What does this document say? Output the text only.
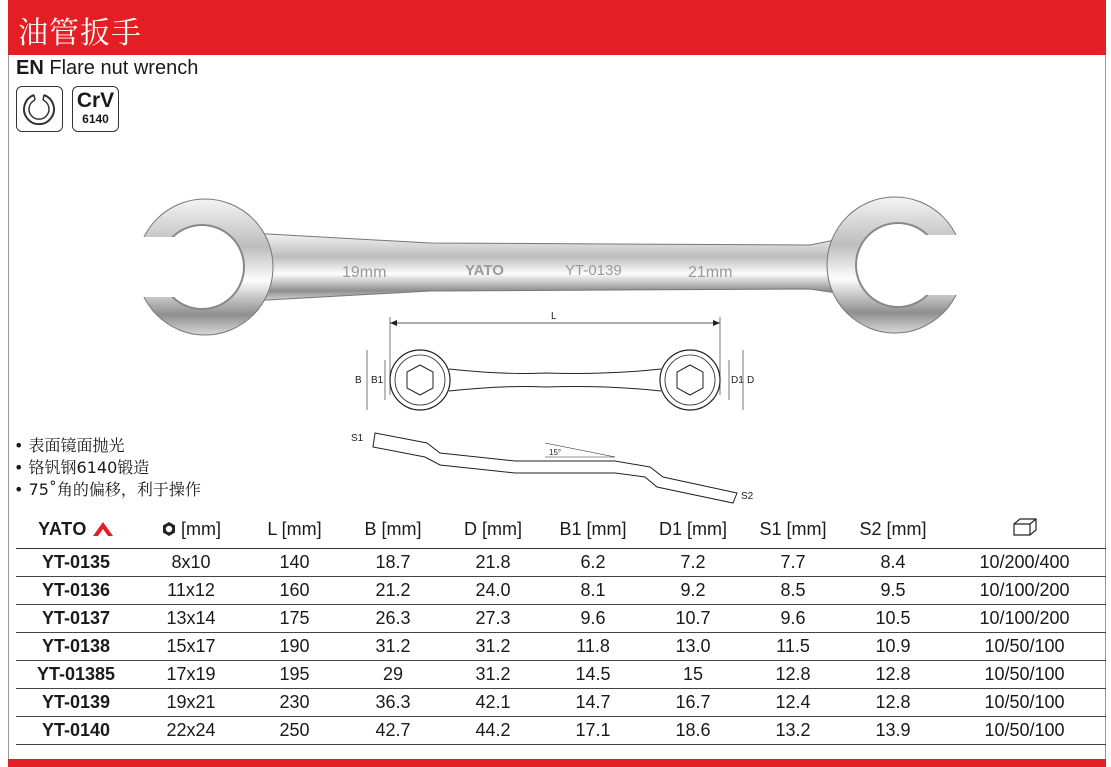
油管扳手
EN Flare nut wrench
CrV
6140
19mm	YATO	YT-0139	21mm
L
B B1	D1 D
S1
15°
S2
• 表面镜面抛光
• 铬钒钢6140锻造
• 75˚角的偏移，利于操作
YATO	[mm]	L [mm]	B [mm]	D [mm]	B1 [mm]	D1 [mm]	S1 [mm]	S2 [mm]	
YT-0135	8x10	140	18.7	21.8	6.2	7.2	7.7	8.4	10/200/400
YT-0136	11x12	160	21.2	24.0	8.1	9.2	8.5	9.5	10/100/200
YT-0137	13x14	175	26.3	27.3	9.6	10.7	9.6	10.5	10/100/200
YT-0138	15x17	190	31.2	31.2	11.8	13.0	11.5	10.9	10/50/100
YT-01385	17x19	195	29	31.2	14.5	15	12.8	12.8	10/50/100
YT-0139	19x21	230	36.3	42.1	14.7	16.7	12.4	12.8	10/50/100
YT-0140	22x24	250	42.7	44.2	17.1	18.6	13.2	13.9	10/50/100
